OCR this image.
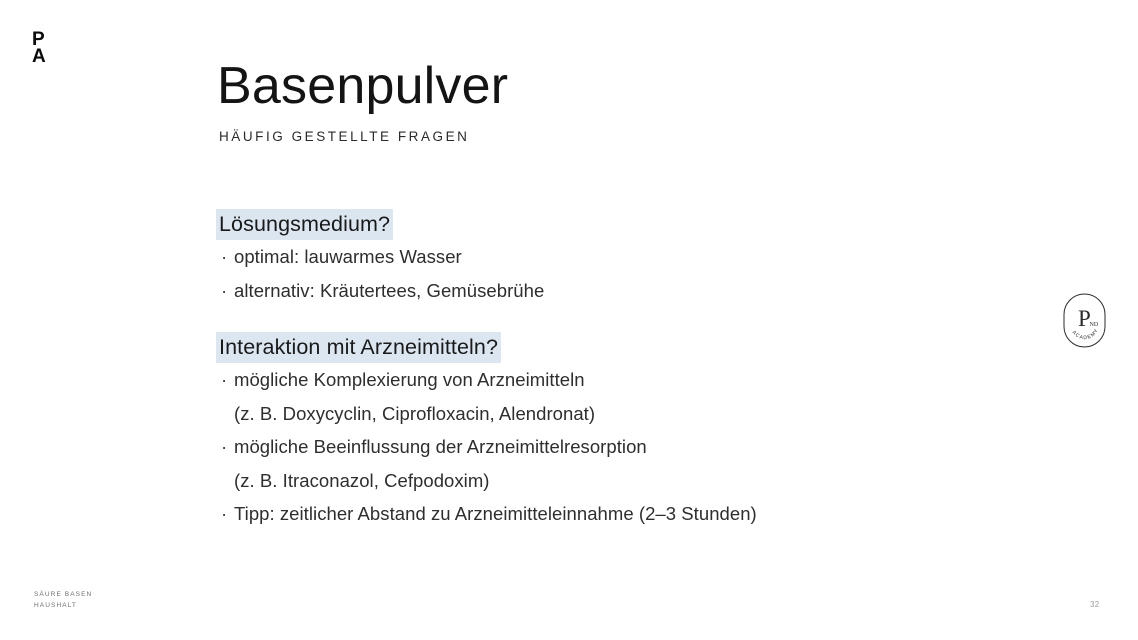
P
A
Basenpulver
HÄUFIG GESTELLTE FRAGEN
Lösungsmedium?
· optimal: lauwarmes Wasser
· alternativ: Kräutertees, Gemüsebrühe
Interaktion mit Arzneimitteln?
· mögliche Komplexierung von Arzneimitteln
(z. B. Doxycyclin, Ciprofloxacin, Alendronat)
· mögliche Beeinflussung der Arzneimittelresorption
(z. B. Itraconazol, Cefpodoxim)
· Tipp: zeitlicher Abstand zu Arzneimitteleinnahme (2–3 Stunden)
P
ND
ACADEMY
SÄURE BASEN
HAUSHALT	32
